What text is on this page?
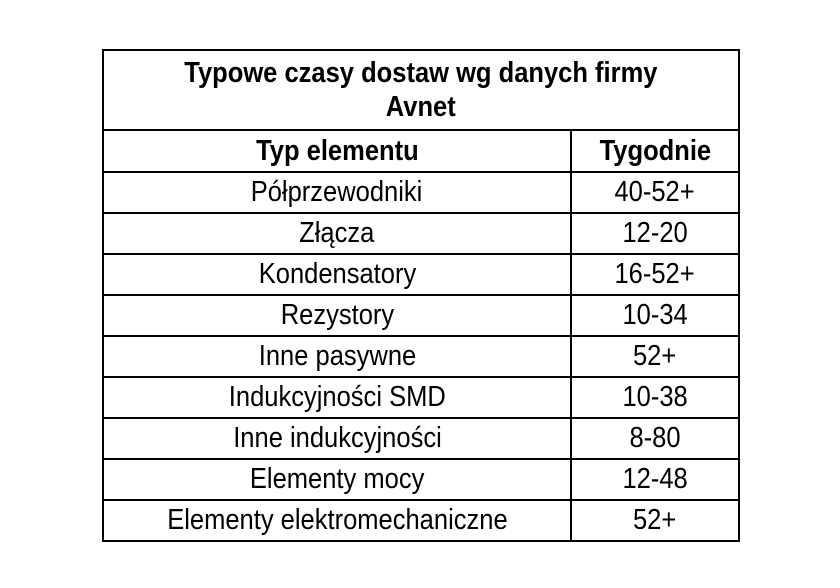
Typowe czasy dostaw wg danych firmy
Avnet	
Typ elementu	Tygodnie
Półprzewodniki	40-52+
Złącza	12-20
Kondensatory	16-52+
Rezystory	10-34
Inne pasywne	52+
Indukcyjności SMD	10-38
Inne indukcyjności	8-80
Elementy mocy	12-48
Elementy elektromechaniczne	52+
